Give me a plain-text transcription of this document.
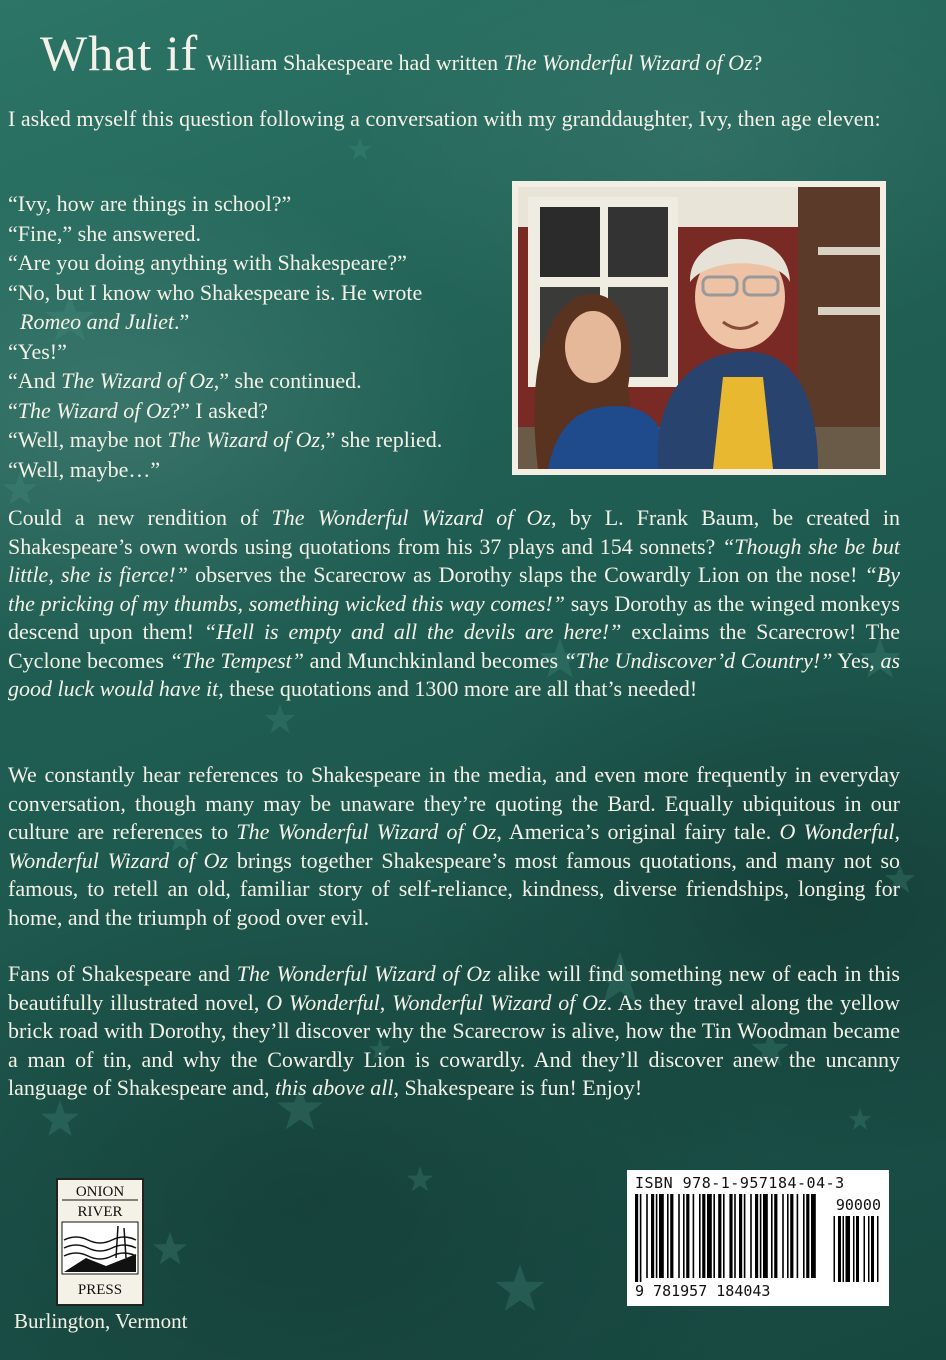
What if William Shakespeare had written The Wonderful Wizard of Oz?

I asked myself this question following a conversation with my granddaughter, Ivy, then age eleven:

“Ivy, how are things in school?”
“Fine,” she answered.
“Are you doing anything with Shakespeare?”
“No, but I know who Shakespeare is. He wrote
Romeo and Juliet.”
“Yes!”
“And The Wizard of Oz,” she continued.
“The Wizard of Oz?” I asked?
“Well, maybe not The Wizard of Oz,” she replied.
“Well, maybe…”

Could a new rendition of The Wonderful Wizard of Oz, by L. Frank Baum, be created in Shakespeare’s own words using quotations from his 37 plays and 154 sonnets? “Though she be but little, she is fierce!” observes the Scarecrow as Dorothy slaps the Cowardly Lion on the nose! “By the pricking of my thumbs, something wicked this way comes!” says Dorothy as the winged monkeys descend upon them! “Hell is empty and all the devils are here!” exclaims the Scarecrow! The Cyclone becomes “The Tempest” and Munchkinland becomes “The Undiscover’d Country!” Yes, as good luck would have it, these quotations and 1300 more are all that’s needed!

We constantly hear references to Shakespeare in the media, and even more frequently in everyday conversation, though many may be unaware they’re quoting the Bard. Equally ubiquitous in our culture are references to The Wonderful Wizard of Oz, America’s original fairy tale. O Wonderful, Wonderful Wizard of Oz brings together Shakespeare’s most famous quotations, and many not so famous, to retell an old, familiar story of self-reliance, kindness, diverse friendships, longing for home, and the triumph of good over evil.

Fans of Shakespeare and The Wonderful Wizard of Oz alike will find something new of each in this beautifully illustrated novel, O Wonderful, Wonderful Wizard of Oz. As they travel along the yellow brick road with Dorothy, they’ll discover why the Scarecrow is alive, how the Tin Woodman became a man of tin, and why the Cowardly Lion is cowardly. And they’ll discover anew the uncanny language of Shakespeare and, this above all, Shakespeare is fun! Enjoy!

ONION
RIVER
PRESS
Burlington, Vermont
ISBN 978-1-957184-04-3
90000
9 781957 184043
